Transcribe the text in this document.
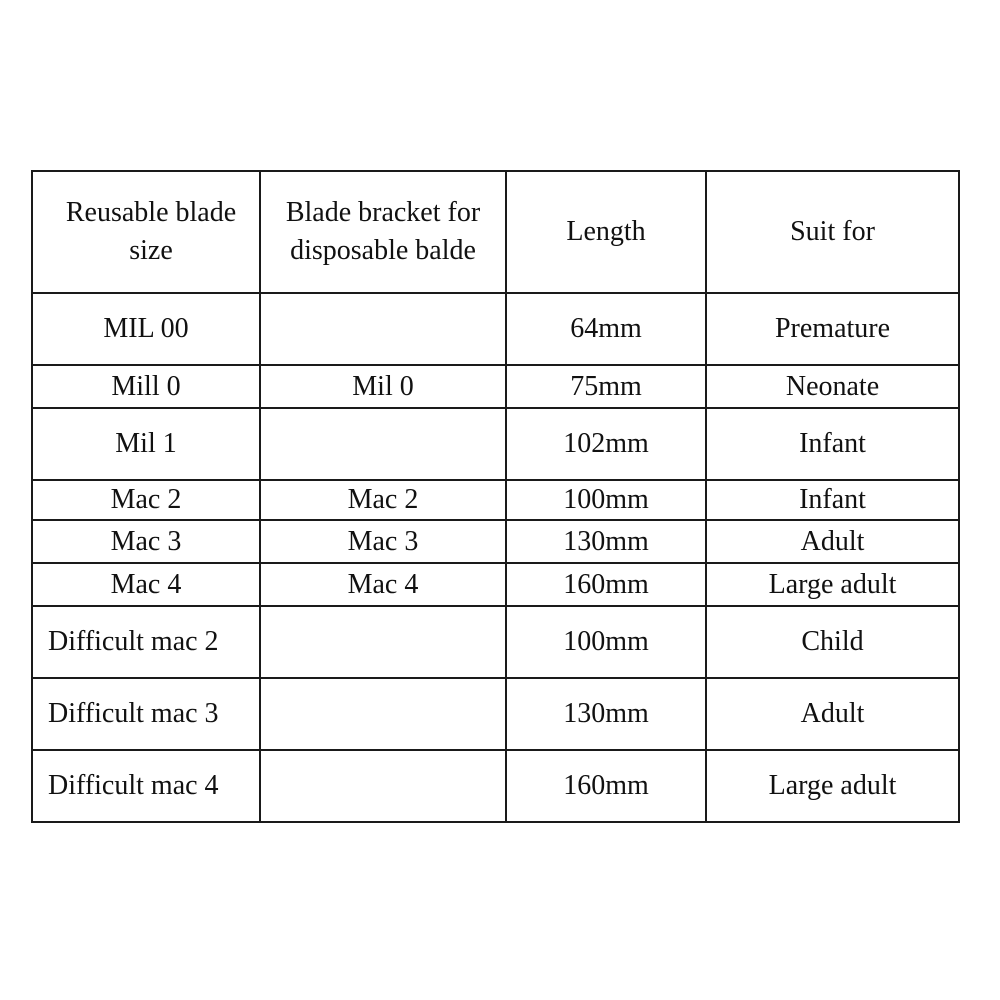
Reusable blade size	Blade bracket for disposable balde	Length	Suit for
MIL 00		64mm	Premature
Mill 0	Mil 0	75mm	Neonate
Mil 1		102mm	Infant
Mac 2	Mac 2	100mm	Infant
Mac 3	Mac 3	130mm	Adult
Mac 4	Mac 4	160mm	Large adult
Difficult mac 2		100mm	Child
Difficult mac 3		130mm	Adult
Difficult mac 4		160mm	Large adult
